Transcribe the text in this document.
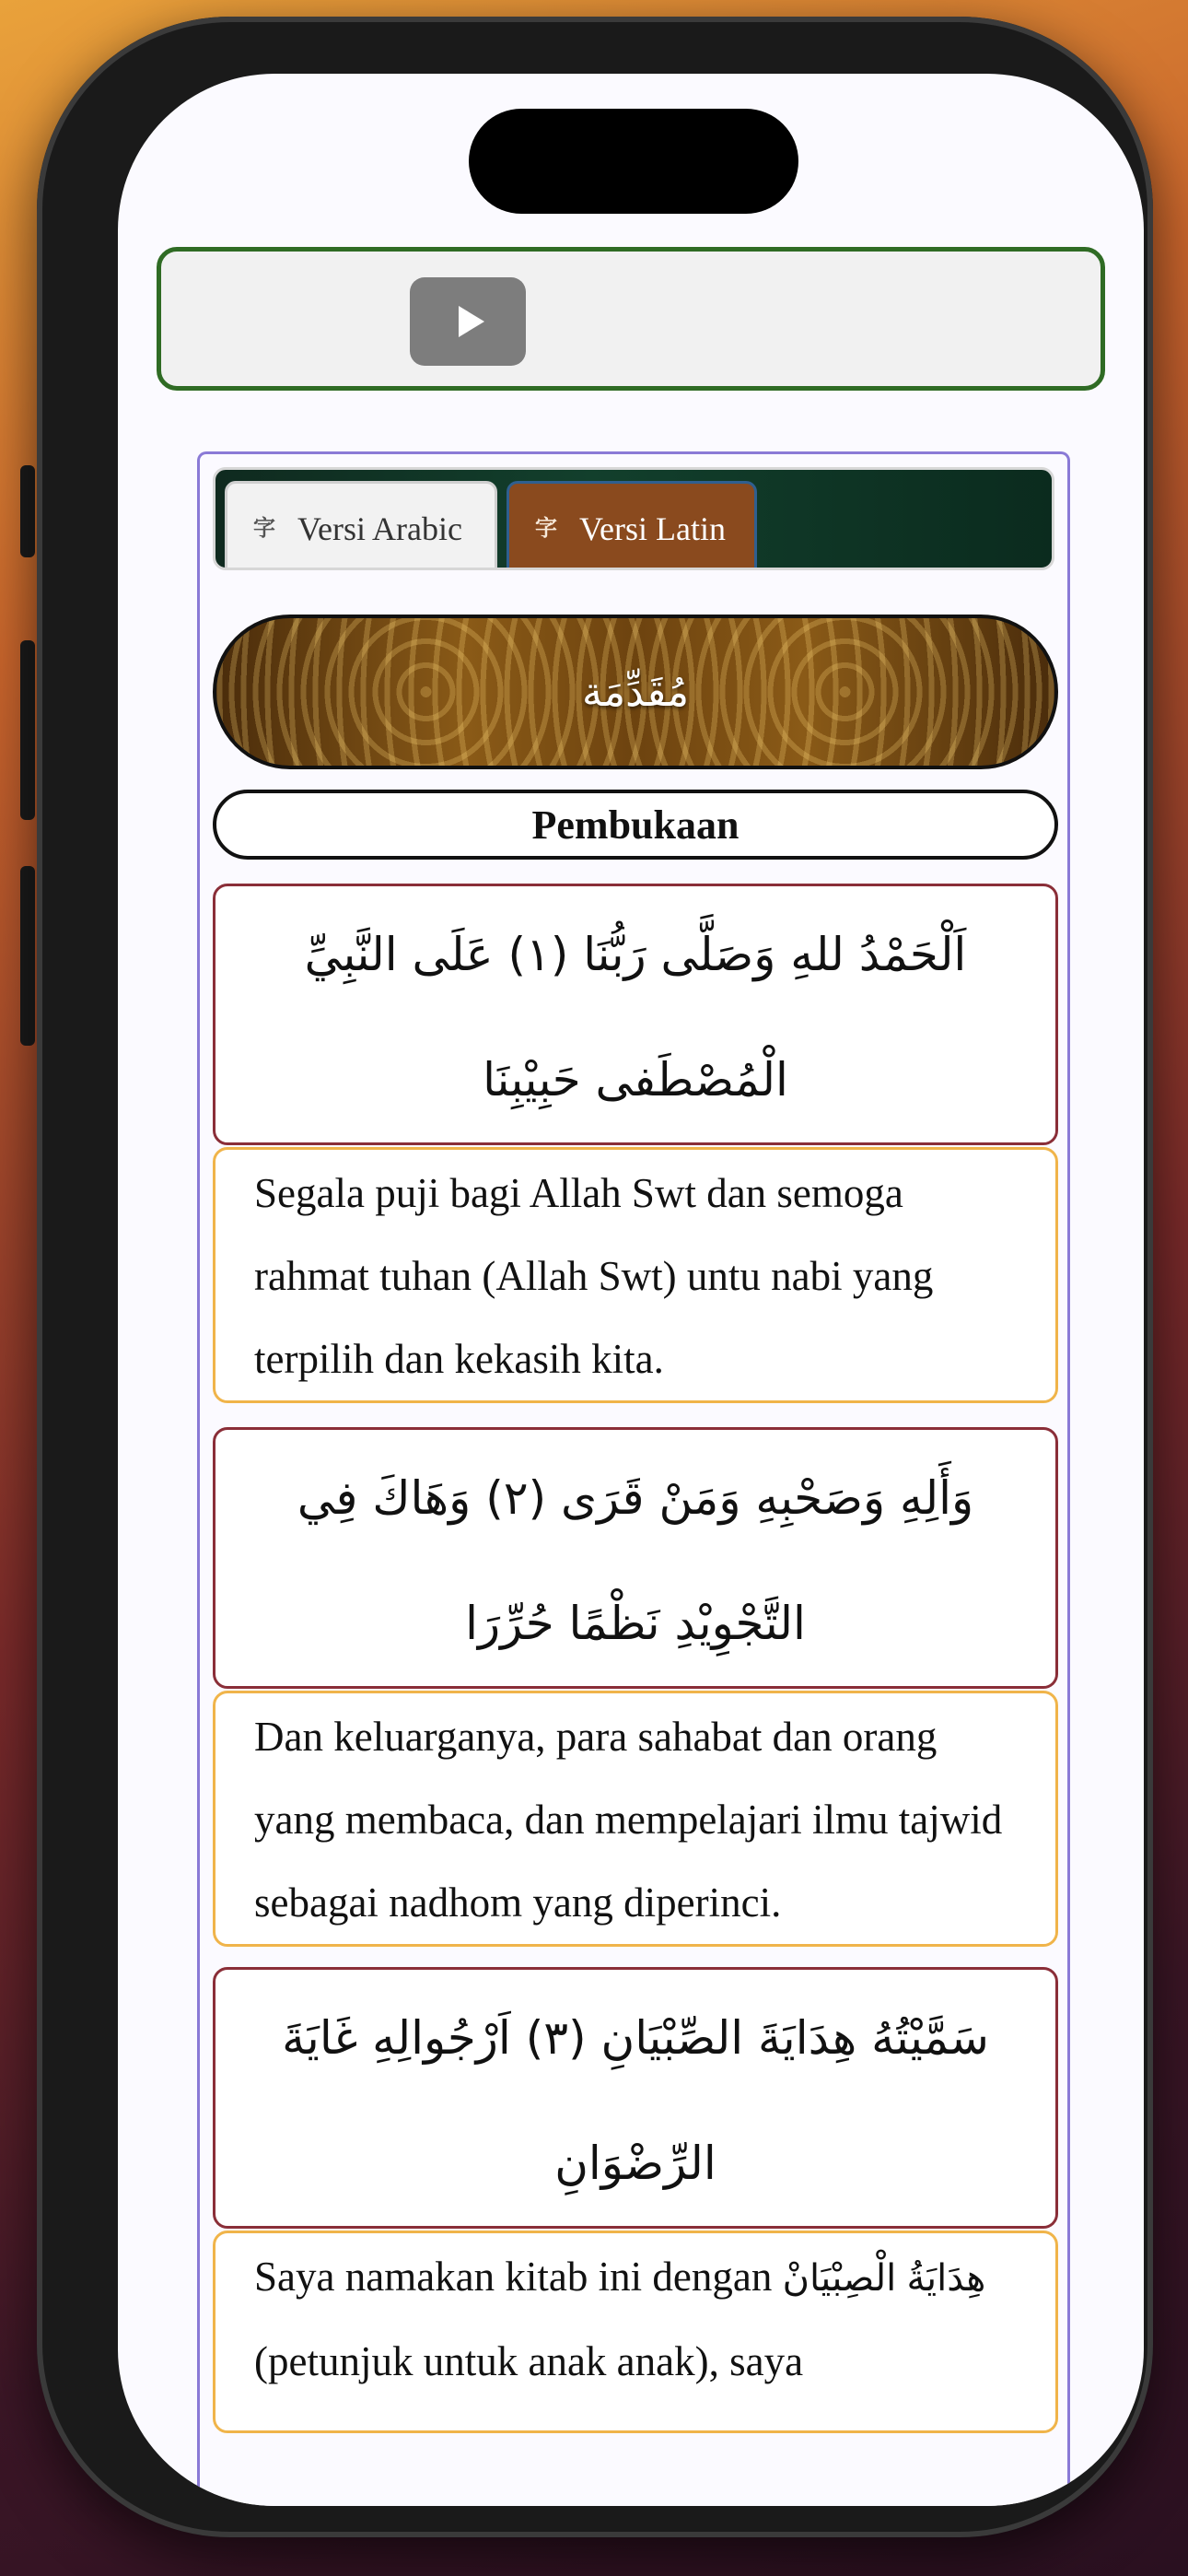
字
Versi Arabic
字	Versi Latin
مُقَدِّمَة
Pembukaan
اَلْحَمْدُ للهِ وَصَلَّى رَبُّنَا (١) عَلَى النَّبِيِّ الْمُصْطَفى حَبِيْبِنَا
Segala puji bagi Allah Swt dan semoga rahmat tuhan (Allah Swt) untu nabi yang terpilih dan kekasih kita.
وَأَلِهِ وَصَحْبِهِ وَمَنْ قَرَى (٢) وَهَاكَ فِي التَّجْوِيْدِ نَظْمًا حُرِّرَا
Dan keluarganya, para sahabat dan orang yang membaca, dan mempelajari ilmu tajwid sebagai nadhom yang diperinci.
سَمَّيْتُهُ هِدَايَةَ الصِّبْيَانِ (٣) اَرْجُوالِهِ غَايَةَ الرِّضْوَانِ
Saya namakan kitab ini dengan	هِدَايَةُ الْصِبْيَانْ (petunjuk untuk anak anak), saya
